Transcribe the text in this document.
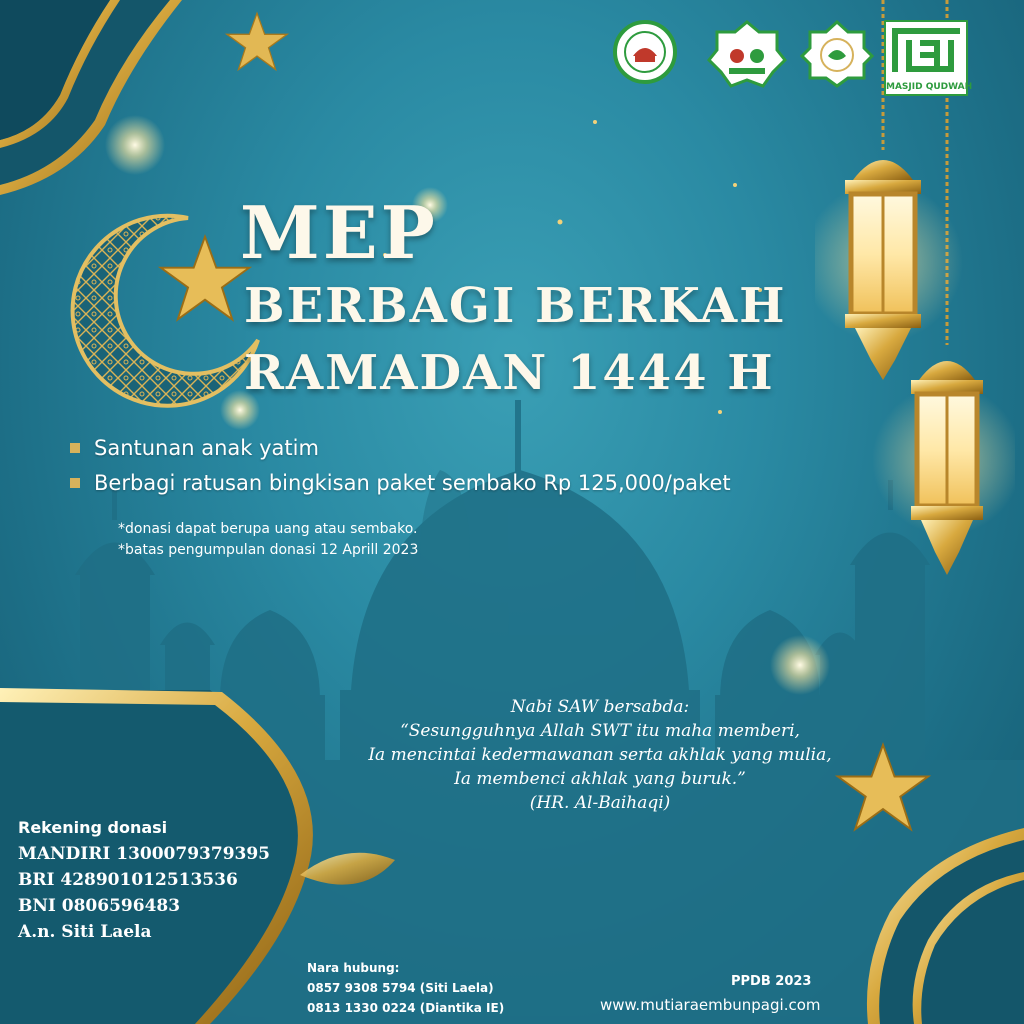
MASJID QUDWAH
MEP
BERBAGI BERKAH
RAMADAN 1444 H
Santunan anak yatim
Berbagi ratusan bingkisan paket sembako Rp 125,000/paket
*donasi dapat berupa uang atau sembako.
*batas pengumpulan donasi 12 Aprill 2023
Nabi SAW bersabda:
“Sesungguhnya Allah SWT itu maha memberi,
Ia mencintai kedermawanan serta akhlak yang mulia,
Ia membenci akhlak yang buruk.”
(HR. Al-Baihaqi)
Rekening donasi
MANDIRI 1300079379395
BRI 428901012513536
BNI 0806596483
A.n. Siti Laela
Nara hubung:
0857 9308 5794 (Siti Laela)
0813 1330 0224 (Diantika IE)
PPDB 2023
www.mutiaraembunpagi.com
